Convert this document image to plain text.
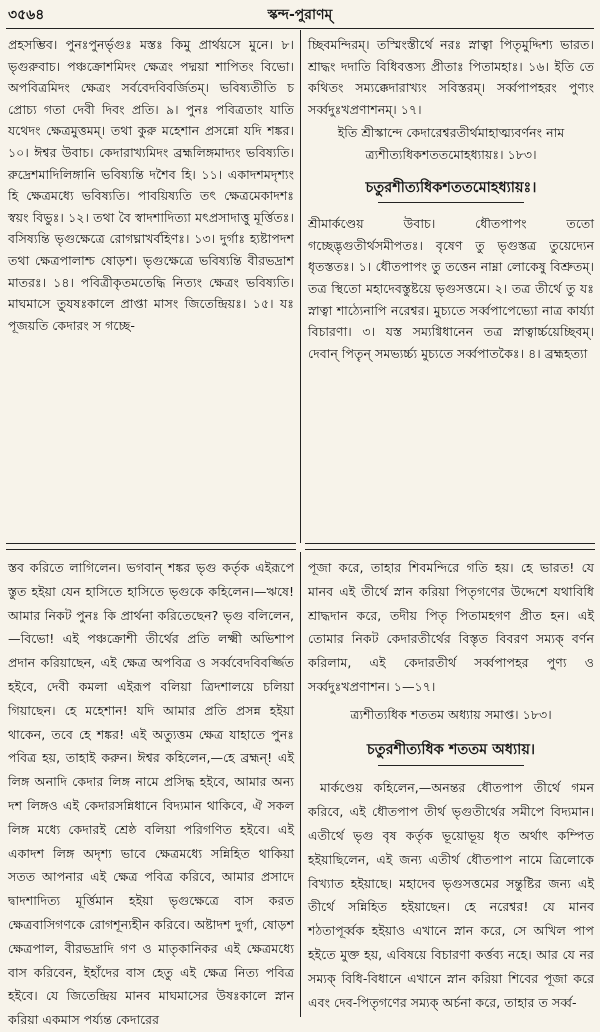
৩৫৬৪	স্কন্দ-পুরাণম্

প্রহসম্ভিব। পুনঃপুনর্ভৃগুঃ মস্তঃ কিমু প্রার্থয়সে মুনে। ৮। ভৃগুরুবাচ। পঞ্চক্রোশমিদং ক্ষেত্রং পদ্ময়া শাপিতং বিভো। অপবিত্রমিদং ক্ষেত্রং সর্ববেদবিবর্জিতম্। ভবিষ্যতীতি চ প্রোচ্য গতা দেবী দিবং প্রতি। ৯। পুনঃ পবিত্রতাং যাতি যথেদং ক্ষেত্রমুত্তমম্। তথা কুরু মহেশান প্রসন্নো যদি শঙ্কর। ১০। ঈশ্বর উবাচ। কেদারাখ্যমিদং ব্রহ্মলিঙ্গমাদ্যং ভবিষ্যতি। রুদ্রেশমাদিলিঙ্গানি ভবিষ্যন্তি দশৈব হি। ১১। একাদশমদৃশ্যং হি ক্ষেত্রমধ্যে ভবিষ্যতি। পাবয়িষ্যতি তৎ ক্ষেত্রমেকাদশঃ স্বয়ং বিভুঃ। ১২। তথা বৈ স্বাদশাদিত্যা মৎপ্রসাদাত্তু মূর্ত্তিতঃ। বসিষ্যন্তি ভৃগুক্ষেত্রে রোগঘ্নাখর্বহিণঃ। ১৩। দুর্গাঃ হ্যষ্টাপদশ তথা ক্ষেত্রপালাশ্চ ষোড়শ। ভৃগুক্ষেত্রে ভবিষ্যন্তি বীরভদ্রাশ মাতরঃ। ১৪। পবিত্রীকৃতমতেদ্ধি নিত্যং ক্ষেত্রং ভবিষ্যতি। মাঘমাসে তু্যষঃকালে প্রাপ্তা মাসং জিতেন্দ্রিয়ঃ। ১৫। যঃ পূজয়তি কেদারং স গচ্ছে-

চ্ছিবমন্দিরম্। তস্মিংস্তীর্থে নরঃ স্নাত্বা পিতৃমুদ্দিশ্য ভারত। শ্রাদ্ধং দদাতি বিধিবত্তস্য প্রীতাঃ পিতামহাঃ। ১৬। ইতি তে কথিতং সম্যক্কেদারাখ্যং সবিস্তরম্। সর্ব্বপাপহরং পুণ্যং সর্ব্বদুঃখপ্রণাশনম্। ১৭।

ইতি শ্রীস্কান্দে কেদারেশ্বরতীর্থমাহাত্ম্যবর্ণনং নাম ত্র্যশীত্যধিকশততমোহধ্যায়ঃ। ১৮৩।

চতুরশীত্যধিকশততমোহধ্যায়ঃ।

শ্রীমার্কণ্ডেয় উবাচ। ধৌতপাপং ততো গচ্ছেদ্ভৃগুতীর্থসমীপতঃ। বৃষেণ তু ভৃগুস্তত্র তুয়েদ্যেন ধৃতস্ততঃ। ১। ধৌতপাপং তু তত্তেন নাম্না লোকেষু বিশ্রুতম্। তত্র স্থিতো মহাদেবস্তুষ্টয়ে ভৃগুসত্তমে। ২। তত্র তীর্থে তু যঃ স্নাত্বা শাঠ্যেনাপি নরেশ্বর। মুচ্যতে সর্ব্বপাপেভ্যো নাত্র কার্য্যা বিচারণা। ৩। যস্ত সম্যগ্বিধানেন তত্র স্নাত্বার্চ্চয়েচ্ছিবম্। দেবান্ পিতৄন্ সমভ্যর্চ্চ্য মুচ্যতে সর্ব্বপাতকৈঃ। ৪। ব্রহ্মহত্যা

স্তব করিতে লাগিলেন। ভগবান্ শঙ্কর ভৃগু কর্তৃক এইরূপে স্তুত হইয়া যেন হাসিতে হাসিতে ভৃগুকে কহিলেন।—ঋষে! আমার নিকট পুনঃ কি প্রার্থনা করিতেছেন? ভৃগু বলিলেন,—বিভো! এই পঞ্চক্রোশী তীর্থের প্রতি লক্ষ্মী অভিশাপ প্রদান করিয়াছেন, এই ক্ষেত্র অপবিত্র ও সর্ব্ববেদবিবর্জ্জিত হইবে, দেবী কমলা এইরূপ বলিয়া ত্রিদশালয়ে চলিয়া গিয়াছেন। হে মহেশান! যদি আমার প্রতি প্রসন্ন হইয়া থাকেন, তবে হে শঙ্কর! এই অত্যুত্তম ক্ষেত্র যাহাতে পুনঃ পবিত্র হয়, তাহাই করুন। ঈশ্বর কহিলেন,—হে ব্রহ্মন্! এই লিঙ্গ অনাদি কেদার লিঙ্গ নামে প্রসিদ্ধ হইবে, আমার অন্য দশ লিঙ্গও এই কেদারসন্নিধানে বিদ্যমান থাকিবে, ঐ সকল লিঙ্গ মধ্যে কেদারই শ্রেষ্ঠ বলিয়া পরিগণিত হইবে। এই একাদশ লিঙ্গ অদৃশ্য ভাবে ক্ষেত্রমধ্যে সন্নিহিত থাকিয়া সতত আপনার এই ক্ষেত্র পবিত্র করিবে, আমার প্রসাদে দ্বাদশাদিত্য মূর্ত্তিমান হইয়া ভৃগুক্ষেত্রে বাস করত ক্ষেত্রবাসিগণকে রোগশূন্যহীন করিবে। অষ্টাদশ দুর্গা, ষোড়শ ক্ষেত্রপাল, বীরভদ্রাদি গণ ও মাতৃকানিকর এই ক্ষেত্রমধ্যে বাস করিবেন, ইহাঁদের বাস হেতু এই ক্ষেত্র নিত্য পবিত্র হইবে। যে জিতেন্দ্রিয় মানব মাঘমাসের উষঃকালে স্নান করিয়া একমাস পর্য্যন্ত কেদারের

পূজা করে, তাহার শিবমন্দিরে গতি হয়। হে ভারত! যে মানব এই তীর্থে স্নান করিয়া পিতৃগণের উদ্দেশে যথাবিধি শ্রাদ্ধদান করে, তদীয় পিতৃ পিতামহগণ প্রীত হন। এই তোমার নিকট কেদারতীর্থের বিস্তৃত বিবরণ সম্যক্ বর্ণন করিলাম, এই কেদারতীর্থ সর্ব্বপাপহর পুণ্য ও সর্ব্বদুঃখপ্রণাশন। ১—১৭।

ত্র্যশীত্যধিক শততম অধ্যায় সমাপ্ত। ১৮৩।

চতুরশীত্যধিক শততম অধ্যায়।

মার্কণ্ডেয় কহিলেন,—অনন্তর ধৌতপাপ তীর্থে গমন করিবে, এই ধৌতপাপ তীর্থ ভৃগুতীর্থের সমীপে বিদ্যমান। এতীর্থে ভৃগু বৃষ কর্তৃক ভূয়োভূয় ধৃত অর্থাৎ কম্পিত হইয়াছিলেন, এই জন্য এতীর্থ ধৌতপাপ নামে ত্রিলোকে বিখ্যাত হইয়াছে। মহাদেব ভৃগুসত্তমের সন্তুষ্টির জন্য এই তীর্থে সন্নিহিত হইয়াছেন। হে নরেশ্বর! যে মানব শঠতাপূর্ব্বক হইয়াও এখানে স্নান করে, সে অখিল পাপ হইতে মুক্ত হয়, এবিষয়ে বিচারণা কর্ত্তব্য নহে। আর যে নর সম্যক্ বিধি-বিধানে এখানে স্নান করিয়া শিবের পূজা করে এবং দেব-পিতৃগণের সম্যক্ অর্চনা করে, তাহার ত সর্ব্ব-
